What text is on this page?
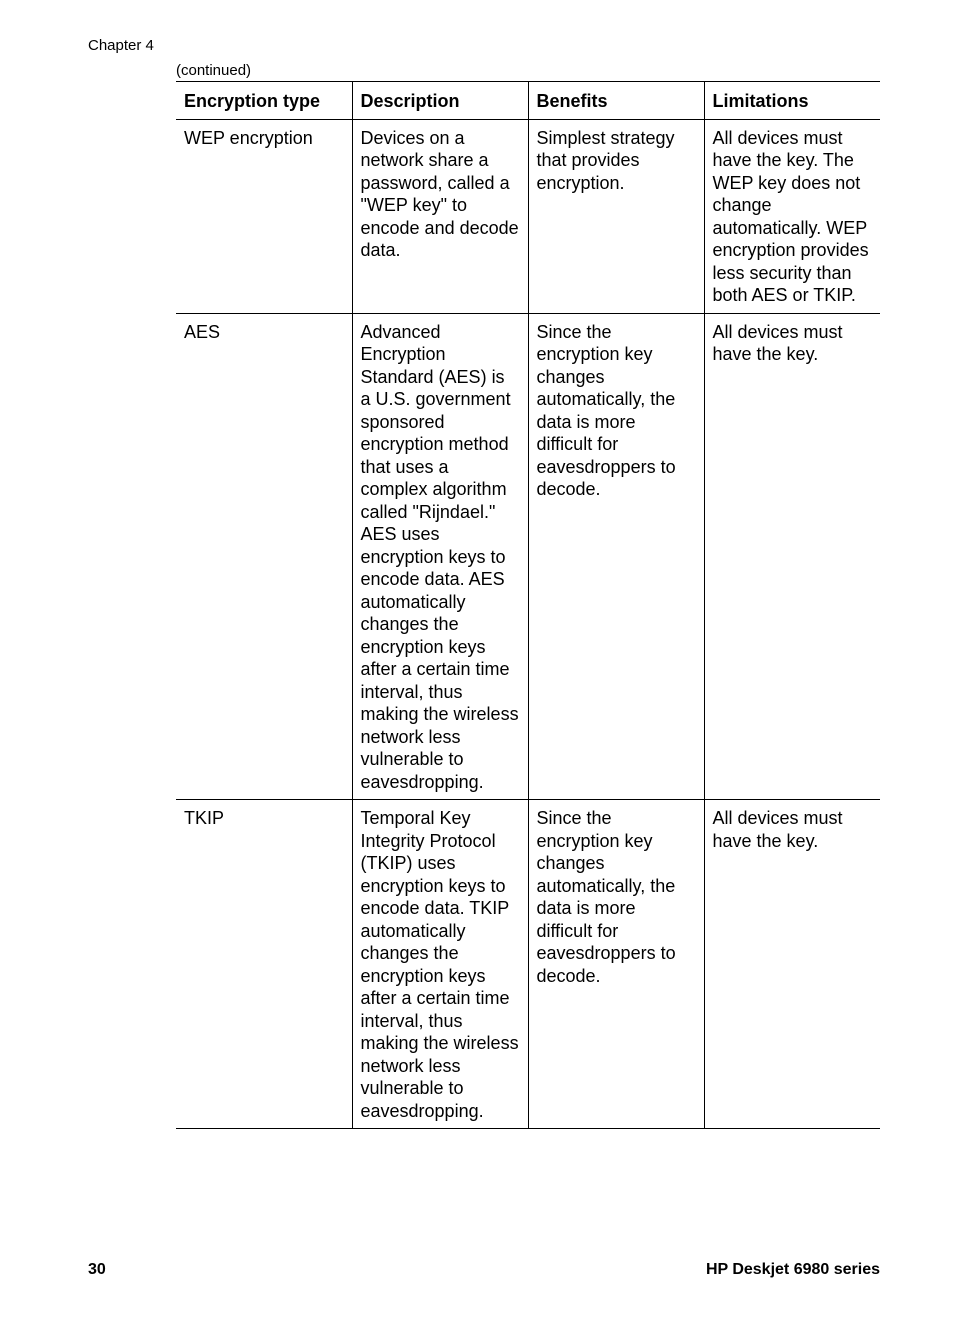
Chapter 4
(continued)
Encryption type	Description	Benefits	Limitations
WEP encryption	Devices on a network share a password, called a "WEP key" to encode and decode data.	Simplest strategy that provides encryption.	All devices must have the key. The WEP key does not change automatically. WEP encryption provides less security than both AES or TKIP.
AES	Advanced Encryption Standard (AES) is a U.S. government sponsored encryption method that uses a complex algorithm called "Rijndael." AES uses encryption keys to encode data. AES automatically changes the encryption keys after a certain time interval, thus making the wireless network less vulnerable to eavesdropping.	Since the encryption key changes automatically, the data is more difficult for eavesdroppers to decode.	All devices must have the key.
TKIP	Temporal Key Integrity Protocol (TKIP) uses encryption keys to encode data. TKIP automatically changes the encryption keys after a certain time interval, thus making the wireless network less vulnerable to eavesdropping.	Since the encryption key changes automatically, the data is more difficult for eavesdroppers to decode.	All devices must have the key.
30	HP Deskjet 6980 series
